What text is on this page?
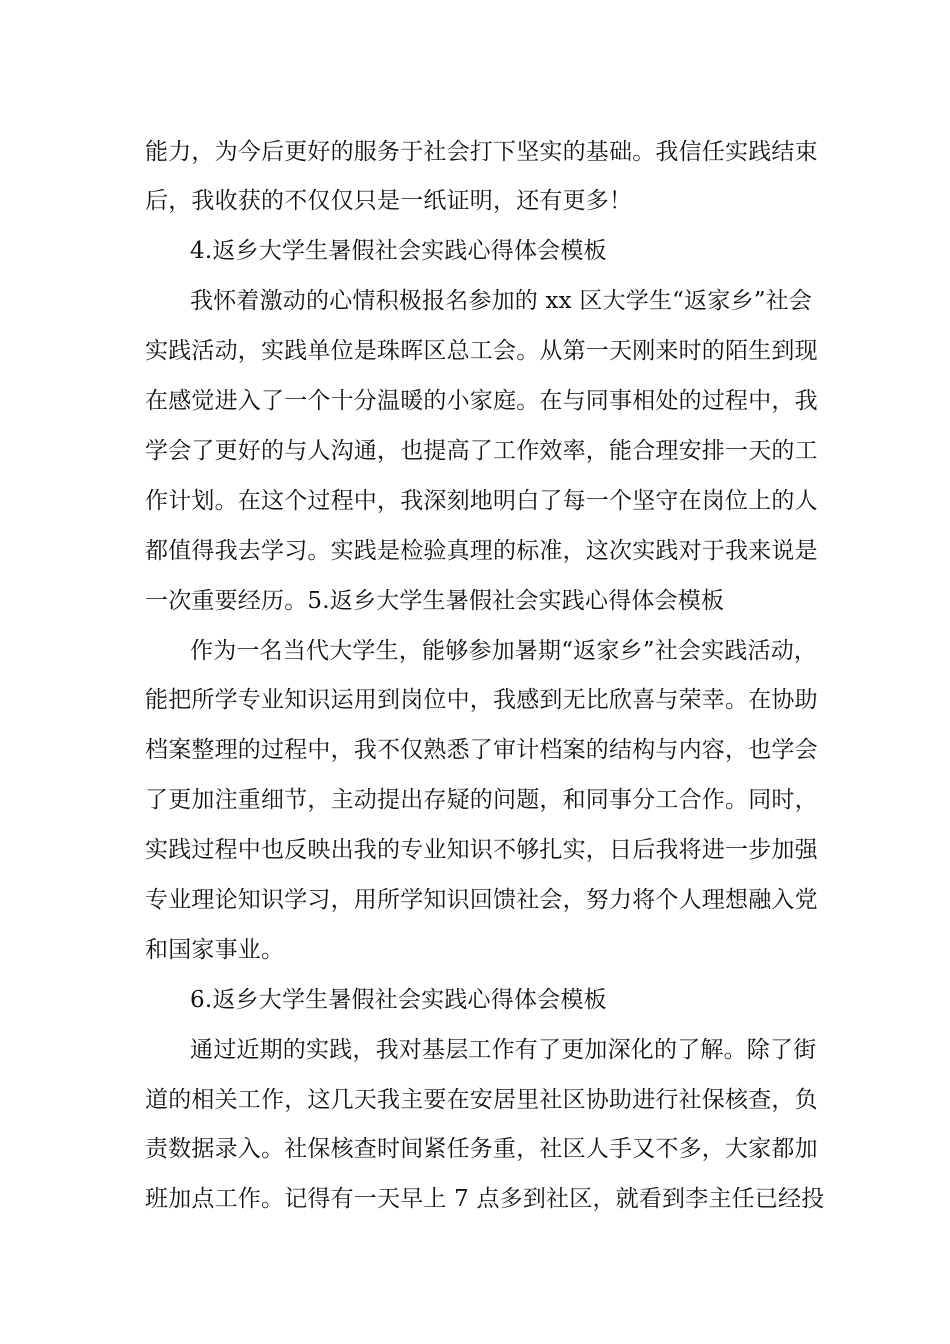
能力，为今后更好的服务于社会打下坚实的基础。我信任实践结束
后，我收获的不仅仅只是一纸证明，还有更多！
4.返乡大学生暑假社会实践心得体会模板
我怀着激动的心情积极报名参加的 xx 区大学生“返家乡”社会
实践活动，实践单位是珠晖区总工会。从第一天刚来时的陌生到现
在感觉进入了一个十分温暖的小家庭。在与同事相处的过程中，我
学会了更好的与人沟通，也提高了工作效率，能合理安排一天的工
作计划。在这个过程中，我深刻地明白了每一个坚守在岗位上的人
都值得我去学习。实践是检验真理的标准，这次实践对于我来说是
一次重要经历。5.返乡大学生暑假社会实践心得体会模板
作为一名当代大学生，能够参加暑期“返家乡”社会实践活动，
能把所学专业知识运用到岗位中，我感到无比欣喜与荣幸。在协助
档案整理的过程中，我不仅熟悉了审计档案的结构与内容，也学会
了更加注重细节，主动提出存疑的问题，和同事分工合作。同时，
实践过程中也反映出我的专业知识不够扎实，日后我将进一步加强
专业理论知识学习，用所学知识回馈社会，努力将个人理想融入党
和国家事业。
6.返乡大学生暑假社会实践心得体会模板
通过近期的实践，我对基层工作有了更加深化的了解。除了街
道的相关工作，这几天我主要在安居里社区协助进行社保核查，负
责数据录入。社保核查时间紧任务重，社区人手又不多，大家都加
班加点工作。记得有一天早上 7 点多到社区，就看到李主任已经投
